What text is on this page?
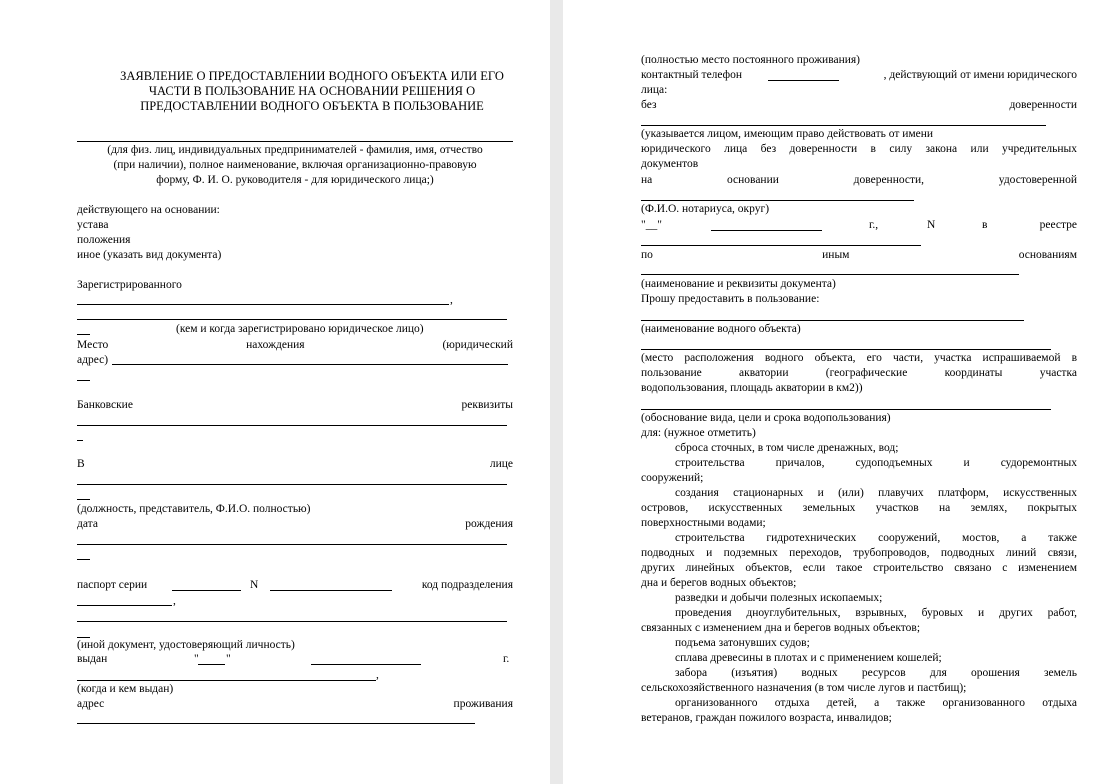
ЗАЯВЛЕНИЕ О ПРЕДОСТАВЛЕНИИ ВОДНОГО ОБЪЕКТА ИЛИ ЕГО ЧАСТИ В ПОЛЬЗОВАНИЕ НА ОСНОВАНИИ РЕШЕНИЯ О ПРЕДОСТАВЛЕНИИ ВОДНОГО ОБЪЕКТА В ПОЛЬЗОВАНИЕ
(для физ. лиц, индивидуальных предпринимателей - фамилия, имя, отчество
(при наличии), полное наименование, включая организационно-правовую
форму, Ф. И. О. руководителя - для юридического лица;)
действующего на основании:
устава
положения
иное (указать вид документа)
Зарегистрированного
,
(кем и когда зарегистрировано юридическое лицо)
Место	нахождения	(юридический
адрес)
Банковские	реквизиты
В	лице
(должность, представитель, Ф.И.О. полностью)
дата	рождения
паспорт серии	N	код подразделения
,
(иной документ, удостоверяющий личность)
выдан	" "	г.
,
(когда и кем выдан)
адрес	проживания
(полностью место постоянного проживания)
контактный телефон	, действующий от имени юридического
лица:
без	доверенности
(указывается лицом, имеющим право действовать от имени
юридического лица без доверенности в силу закона или учредительных
документов
на	основании	доверенности,	удостоверенной
(Ф.И.О. нотариуса, округ)
"__"	г.,	N	в	реестре
по	иным	основаниям
(наименование и реквизиты документа)
Прошу предоставить в пользование:
(наименование водного объекта)
(место расположения водного объекта, его части, участка испрашиваемой в
пользование	акватории	(географические	координаты	участка
водопользования, площадь акватории в км2))
(обоснование вида, цели и срока водопользования)
для: (нужное отметить)
сброса сточных, в том числе дренажных, вод;
строительства причалов, судоподъемных и судоремонтных
сооружений;
создания стационарных и (или) плавучих платформ, искусственных
островов, искусственных земельных участков на землях, покрытых
поверхностными водами;
строительства гидротехнических сооружений, мостов, а также
подводных и подземных переходов, трубопроводов, подводных линий связи,
других линейных объектов, если такое строительство связано с изменением
дна и берегов водных объектов;
разведки и добычи полезных ископаемых;
проведения дноуглубительных, взрывных, буровых и других работ,
связанных с изменением дна и берегов водных объектов;
подъема затонувших судов;
сплава древесины в плотах и с применением кошелей;
забора (изъятия) водных ресурсов для орошения земель
сельскохозяйственного назначения (в том числе лугов и пастбищ);
организованного отдыха детей, а также организованного отдыха
ветеранов, граждан пожилого возраста, инвалидов;
